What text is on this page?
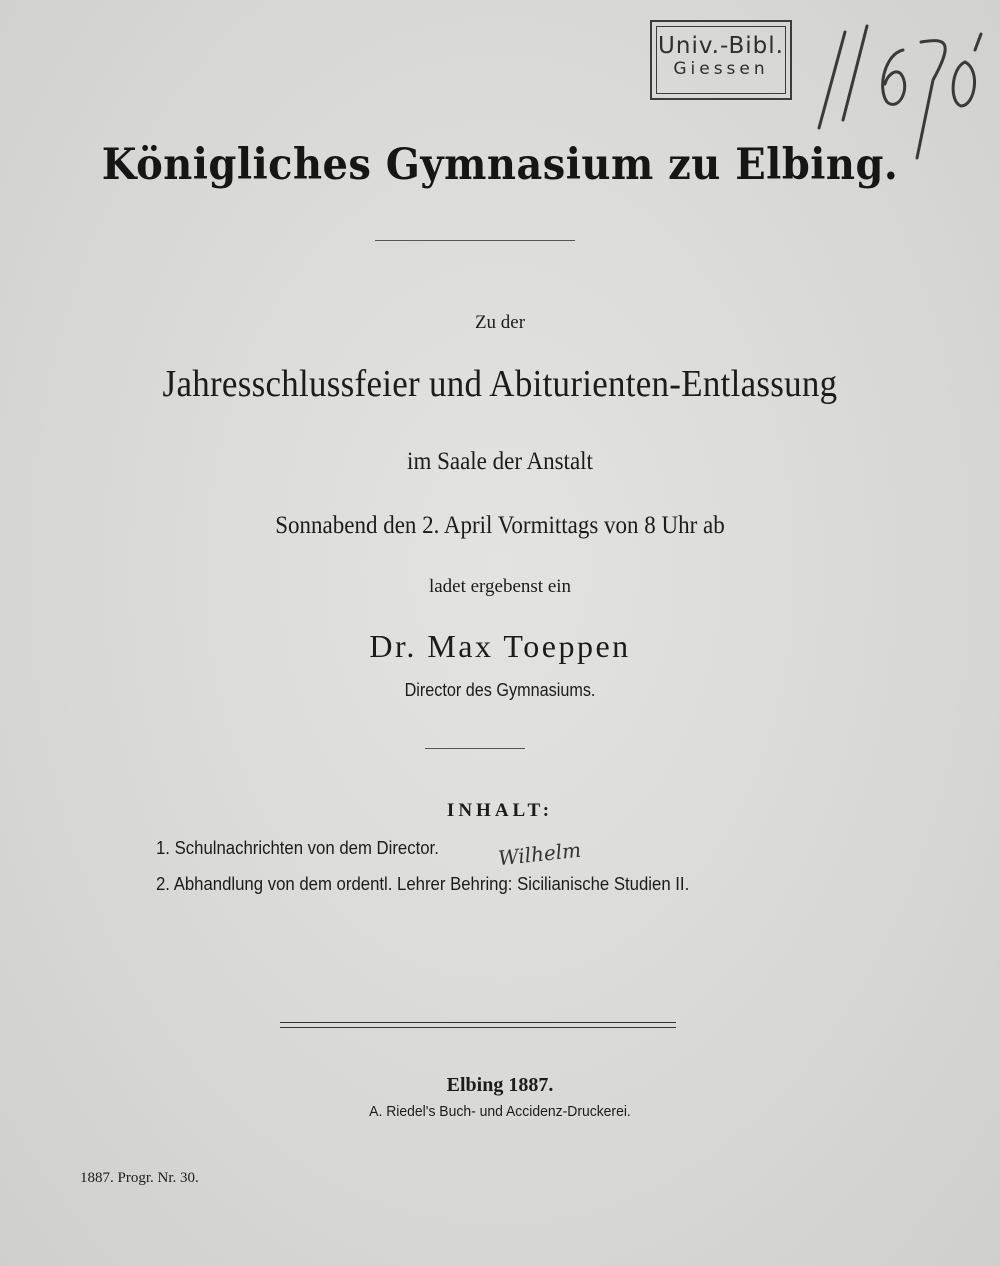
Univ.-Bibl.
Giessen
Königliches Gymnasium zu Elbing.
Zu der
Jahresschlussfeier und Abiturienten-Entlassung
im Saale der Anstalt
Sonnabend den 2. April Vormittags von 8 Uhr ab
ladet ergebenst ein
Dr. Max Toeppen
Director des Gymnasiums.
INHALT:
1. Schulnachrichten von dem Director.
2. Abhandlung von dem ordentl. Lehrer Behring: Sicilianische Studien II.
Wilhelm
Elbing 1887.
A. Riedel's Buch- und Accidenz-Druckerei.
1887. Progr. Nr. 30.
